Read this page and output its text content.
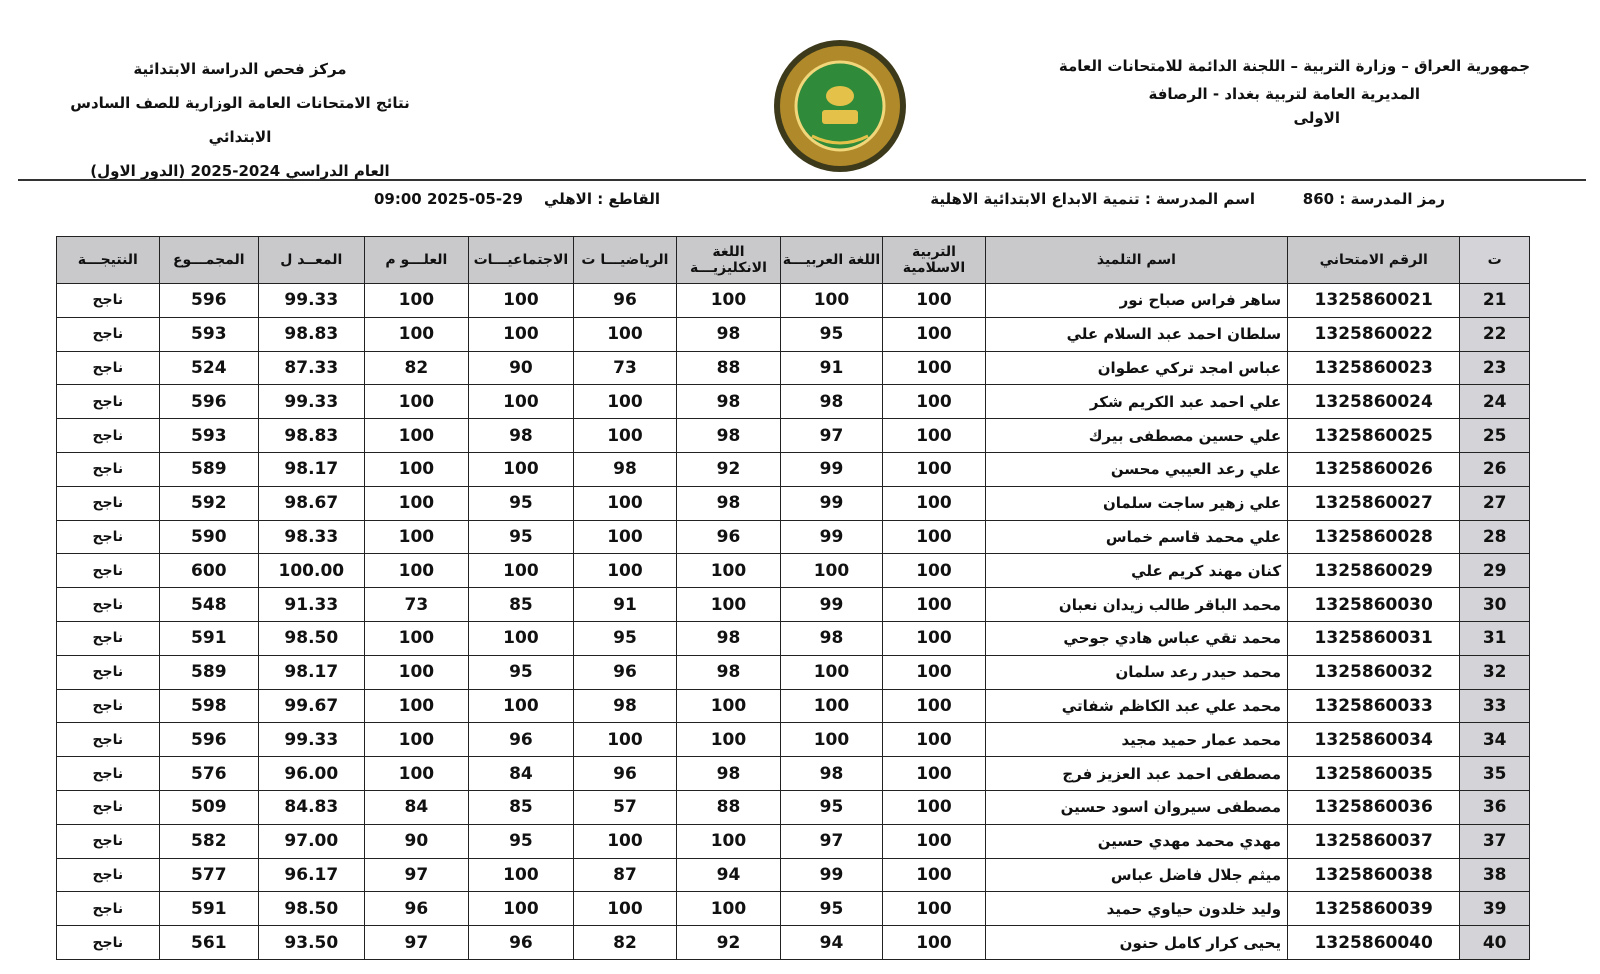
جمهورية العراق – وزارة التربية – اللجنة الدائمة للامتحانات العامة
المديرية العامة لتربية بغداد - الرصافة
الاولى
مركز فحص الدراسة الابتدائية
نتائج الامتحانات العامة الوزارية للصف السادس الابتدائي
العام الدراسي 2024-2025 (الدور الاول)
رمز المدرسة : 860
اسم المدرسة : تنمية الابداع الابتدائية الاهلية
القاطع : الاهلي
2025-05-29 09:00
ت	الرقم الامتحاني	اسم التلميذ	التربية الاسلامية	اللغة العربيـــة	اللغة الانكليزيـــة	الرياضيـــا ت	الاجتماعيـــات	العلـــو م	المعــد ل	المجمـــوع	النتيجـــة
21	1325860021	ساهر فراس صباح نور	100	100	100	96	100	100	99.33	596	ناجح
22	1325860022	سلطان احمد عبد السلام علي	100	95	98	100	100	100	98.83	593	ناجح
23	1325860023	عباس امجد تركي عطوان	100	91	88	73	90	82	87.33	524	ناجح
24	1325860024	علي احمد عبد الكريم شكر	100	98	98	100	100	100	99.33	596	ناجح
25	1325860025	علي حسين مصطفى بيرك	100	97	98	100	98	100	98.83	593	ناجح
26	1325860026	علي رعد العيبي محسن	100	99	92	98	100	100	98.17	589	ناجح
27	1325860027	علي زهير ساجت سلمان	100	99	98	100	95	100	98.67	592	ناجح
28	1325860028	علي محمد قاسم خماس	100	99	96	100	95	100	98.33	590	ناجح
29	1325860029	كنان مهند كريم علي	100	100	100	100	100	100	100.00	600	ناجح
30	1325860030	محمد الباقر طالب زيدان نعبان	100	99	100	91	85	73	91.33	548	ناجح
31	1325860031	محمد تقي عباس هادي جوحي	100	98	98	95	100	100	98.50	591	ناجح
32	1325860032	محمد حيدر رعد سلمان	100	100	98	96	95	100	98.17	589	ناجح
33	1325860033	محمد علي عبد الكاظم شفاتي	100	100	100	98	100	100	99.67	598	ناجح
34	1325860034	محمد عمار حميد مجيد	100	100	100	100	96	100	99.33	596	ناجح
35	1325860035	مصطفى احمد عبد العزيز فرج	100	98	98	96	84	100	96.00	576	ناجح
36	1325860036	مصطفى سيروان اسود حسين	100	95	88	57	85	84	84.83	509	ناجح
37	1325860037	مهدي محمد مهدي حسين	100	97	100	100	95	90	97.00	582	ناجح
38	1325860038	ميثم جلال فاضل عباس	100	99	94	87	100	97	96.17	577	ناجح
39	1325860039	وليد خلدون حياوي حميد	100	95	100	100	100	96	98.50	591	ناجح
40	1325860040	يحيى كرار كامل حنون	100	94	92	82	96	97	93.50	561	ناجح
